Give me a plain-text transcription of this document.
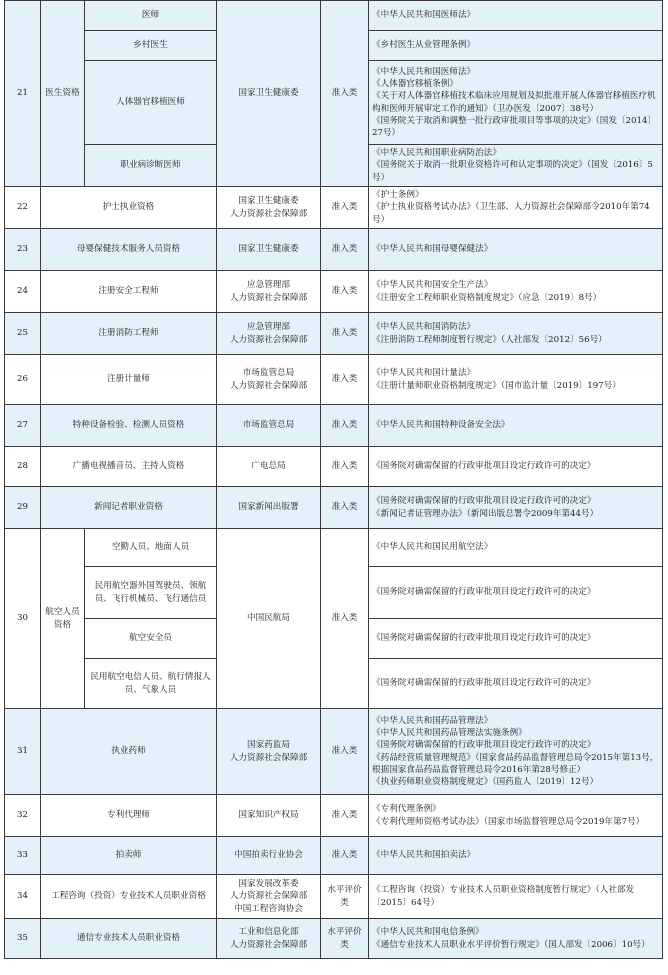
21	医生资格	医师	国家卫生健康委	准入类	《中华人民共和国医师法》

		乡村医生			《乡村医生从业管理条例》

		人体器官移植医师			《中华人民共和国医师法》
《人体器官移植条例》
《关于对人体器官移植技术临床应用规划及拟批准开展人体器官移植医疗机构和医师开展审定工作的通知》（卫办医发〔2007〕38号）
《国务院关于取消和调整一批行政审批项目等事项的决定》（国发〔2014〕27号）

		职业病诊断医师			《中华人民共和国职业病防治法》
《国务院关于取消一批职业资格许可和认定事项的决定》（国发〔2016〕5号）

22	护士执业资格		国家卫生健康委
人力资源社会保障部	准入类	《护士条例》
《护士执业资格考试办法》（卫生部、人力资源社会保障部令2010年第74号）

23	母婴保健技术服务人员资格		国家卫生健康委	准入类	《中华人民共和国母婴保健法》

24	注册安全工程师		应急管理部
人力资源社会保障部	准入类	《中华人民共和国安全生产法》
《注册安全工程师职业资格制度规定》（应急〔2019〕8号）

25	注册消防工程师		应急管理部
人力资源社会保障部	准入类	《中华人民共和国消防法》
《注册消防工程师制度暂行规定》（人社部发〔2012〕56号）

26	注册计量师		市场监管总局
人力资源社会保障部	准入类	《中华人民共和国计量法》
《注册计量师职业资格制度规定》（国市监计量〔2019〕197号）

27	特种设备检验、检测人员资格		市场监管总局	准入类	《中华人民共和国特种设备安全法》

28	广播电视播音员、主持人资格		广电总局	准入类	《国务院对确需保留的行政审批项目设定行政许可的决定》

29	新闻记者职业资格		国家新闻出版署	准入类	《国务院对确需保留的行政审批项目设定行政许可的决定》
《新闻记者证管理办法》（新闻出版总署令2009年第44号）

30	航空人员资格	空勤人员、地面人员	中国民航局	准入类	《中华人民共和国民用航空法》

		民用航空器外国驾驶员、领航员、飞行机械员、飞行通信员			《国务院对确需保留的行政审批项目设定行政许可的决定》

		航空安全员			《国务院对确需保留的行政审批项目设定行政许可的决定》

		民用航空电信人员、航行情报人员、气象人员			《国务院对确需保留的行政审批项目设定行政许可的决定》

31	执业药师		国家药监局
人力资源社会保障部	准入类	《中华人民共和国药品管理法》
《中华人民共和国药品管理法实施条例》
《国务院对确需保留的行政审批项目设定行政许可的决定》
《药品经营质量管理规范》（国家食品药品监督管理总局令2015年第13号，根据国家食品药品监督管理总局令2016年第28号修正）
《执业药师职业资格制度规定》（国药监人〔2019〕12号）

32	专利代理师		国家知识产权局	准入类	《专利代理条例》
《专利代理师资格考试办法》（国家市场监督管理总局令2019年第7号）

33	拍卖师		中国拍卖行业协会	准入类	《中华人民共和国拍卖法》

34	工程咨询（投资）专业技术人员职业资格		国家发展改革委
人力资源社会保障部
中国工程咨询协会	水平评价类	《工程咨询（投资）专业技术人员职业资格制度暂行规定》（人社部发〔2015〕64号）

35	通信专业技术人员职业资格		工业和信息化部
人力资源社会保障部	水平评价类	《中华人民共和国电信条例》
《通信专业技术人员职业水平评价暂行规定》（国人部发〔2006〕10号）
